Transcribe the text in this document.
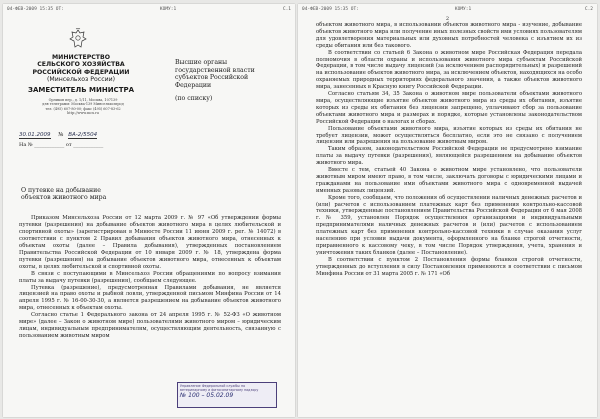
04-ФЕВ-2009 15:35 ОТ:	КОМУ:1	С.1
МИНИСТЕРСТВО
СЕЛЬСКОГО ХОЗЯЙСТВА
РОССИЙСКОЙ ФЕДЕРАЦИИ
(Минсельхоз России)
ЗАМЕСТИТЕЛЬ МИНИСТРА
Орликов пер., д. 1/11, Москва, 107139
для телеграмм: Москва-139 Минсельхозпрод
тел. (495) 607-80-00; факс (495) 607-83-62
http://www.mcx.ru
30.01.2009 № ВА-2/5504
На № ____________ от ____________
Высшие органы
государственной власти
субъектов Российской
Федерации
(по списку)
О путевке на добывание
объектов животного мира

Приказом Минсельхоза России от 12 марта 2009 г. № 97 «Об утверждении формы путевки (разрешения) на добывание объектов животного мира в целях любительской и спортивной охоты» (зарегистрирован в Минюсте России 11 июня 2009 г. рег. № 14072) в соответствии с пунктом 2 Правил добывания объектов животного мира, отнесенных к объектам охоты (далее – Правила добывания), утвержденных постановлением Правительства Российской Федерации от 10 января 2009 г. № 18, утверждена форма путевки (разрешения) на добывание объектов животного мира, отнесенных к объектам охоты, в целях любительской и спортивной охоты.

В связи с поступающими в Минсельхоз России обращениями по вопросу взимания платы за выдачу путевки (разрешения), сообщаем следующее.

Путевка (разрешение), предусмотренная Правилами добывания, не является лицензией на право охоты и рыбной ловли, утвержденной письмом Минфина России от 14 апреля 1995 г. № 16-00-30-30, а является разрешением на добывание объектов животного мира, отнесенных к объектам охоты.

Согласно статье 1 Федерального закона от 24 апреля 1995 г. № 52-ФЗ «О животном мире» (далее – Закон о животном мире) пользователями животного миром – юридическим лицам, индивидуальным предпринимателям, осуществляющим деятельность, связанную с пользованием животным миром

Управление Федеральной службы по
ветеринарному и фитосанитарному надзору
№ 100 – 05.02.09
04-ФЕВ-2009 15:35 ОТ:	КОМУ:1	С.2
2

объектом животного мира, в использовании объектов животного мира - изучение, добывание объектов животного мира или получение иных полезных свойств ими условиях пользователям для удовлетворения материальных или духовных потребностей человека с изъятием их из среды обитания или без такового.

В соответствии со статьей 6 Закона о животном мире Российская Федерация передала полномочия в области охраны и использования животного мира субъектам Российской Федерации, в том числе выдачу лицензий (за исключением распорядительных) и разрешений на использование объектов животного мира, за исключением объектов, находящихся на особо охраняемых природных территориях федерального значения, а также объектов животного мира, занесенных в Красную книгу Российской Федерации.

Согласно статьям 34, 35 Закона о животном мире пользователи объектами животного мира, осуществляющие изъятие объектов животного мира из среды их обитания, изъятие которых из среды их обитания без лицензии запрещено, уплачивают сбор за пользование объектами животного мира и размерах и порядке, которые установлены законодательством Российской Федерации о налогах и сборах.

Пользование объектами животного мира, изъятие которых из среды их обитания не требует лицензии, может осуществляться бесплатно, если это не связано с получением лицензии или разрешения на пользование животным миром.

Таким образом, законодательством Российской Федерации не предусмотрено взимание платы за выдачу путевки (разрешения), являющейся разрешением на добывание объектов животного мира.

Вместе с тем, статьей 40 Закона о животном мире установлено, что пользователи животным миром имеют право, в том числе, заключать договоры с юридическими лицами и гражданами на пользование ими объектами животного мира с одновременной выдачей именных разовых лицензий.

Кроме того, сообщаем, что положения об осуществлении наличных денежных расчетов и (или) расчетов с использованием платежных карт без применения контрольно-кассовой техники, утвержденные постановлением Правительства Российской Федерации от 6 мая 2008 г. № 359, установлен Порядок осуществления организациями и индивидуальными предпринимателями наличных денежных расчетов и (или) расчетов с использованием платежных карт без применения контрольно-кассовой техники в случае оказания услуг населению при условии выдачи документа, оформленного на бланке строгой отчетности, приравненного к кассовому чеку, в том числе Порядок утверждения, учета, хранения и уничтожения таких бланков (далее – Постановление).

В соответствии с пунктом 2 Постановления формы бланков строгой отчетности, утвержденных до вступления в силу Постановления применяются в соответствии с письмом Минфина России от 31 марта 2005 г. № 171 «Об
